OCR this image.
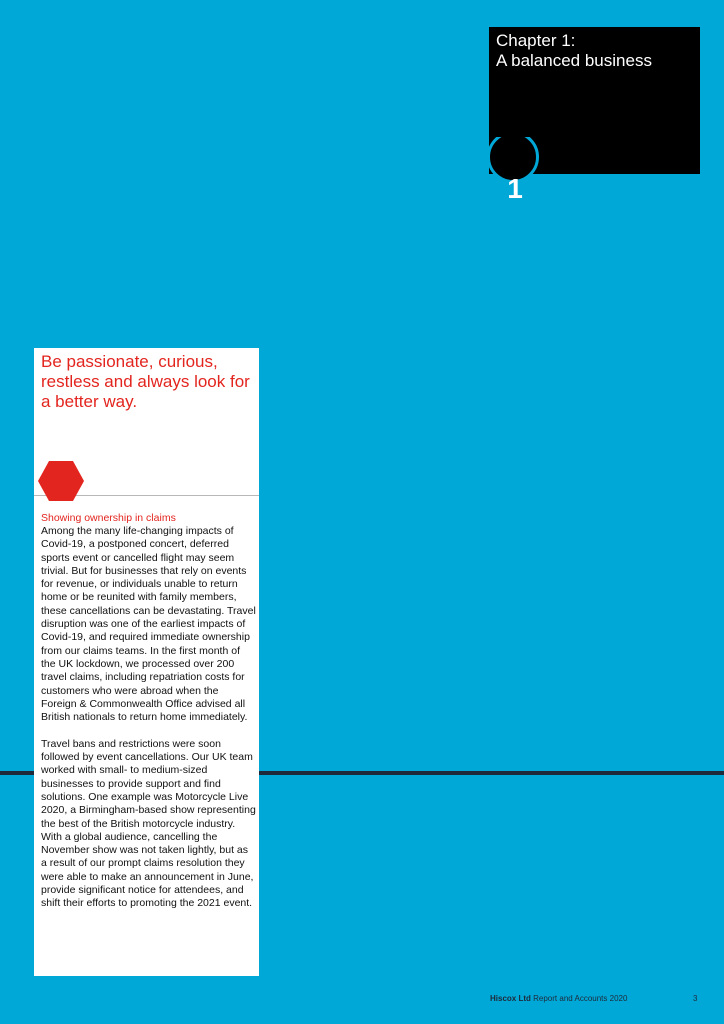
Chapter 1:
A balanced business
1
Be passionate, curious, restless and always look for a better way.
Showing ownership in claims

Among the many life-changing impacts of Covid-19, a postponed concert, deferred sports event or cancelled flight may seem trivial. But for businesses that rely on events for revenue, or individuals unable to return home or be reunited with family members, these cancellations can be devastating. Travel disruption was one of the earliest impacts of Covid-19, and required immediate ownership from our claims teams. In the first month of the UK lockdown, we processed over 200 travel claims, including repatriation costs for customers who were abroad when the Foreign & Commonwealth Office advised all British nationals to return home immediately.

Travel bans and restrictions were soon followed by event cancellations. Our UK team worked with small- to medium-sized businesses to provide support and find solutions. One example was Motorcycle Live 2020, a Birmingham-based show representing the best of the British motorcycle industry. With a global audience, cancelling the November show was not taken lightly, but as a result of our prompt claims resolution they were able to make an announcement in June, provide significant notice for attendees, and shift their efforts to promoting the 2021 event.

Hiscox Ltd Report and Accounts 2020	3
